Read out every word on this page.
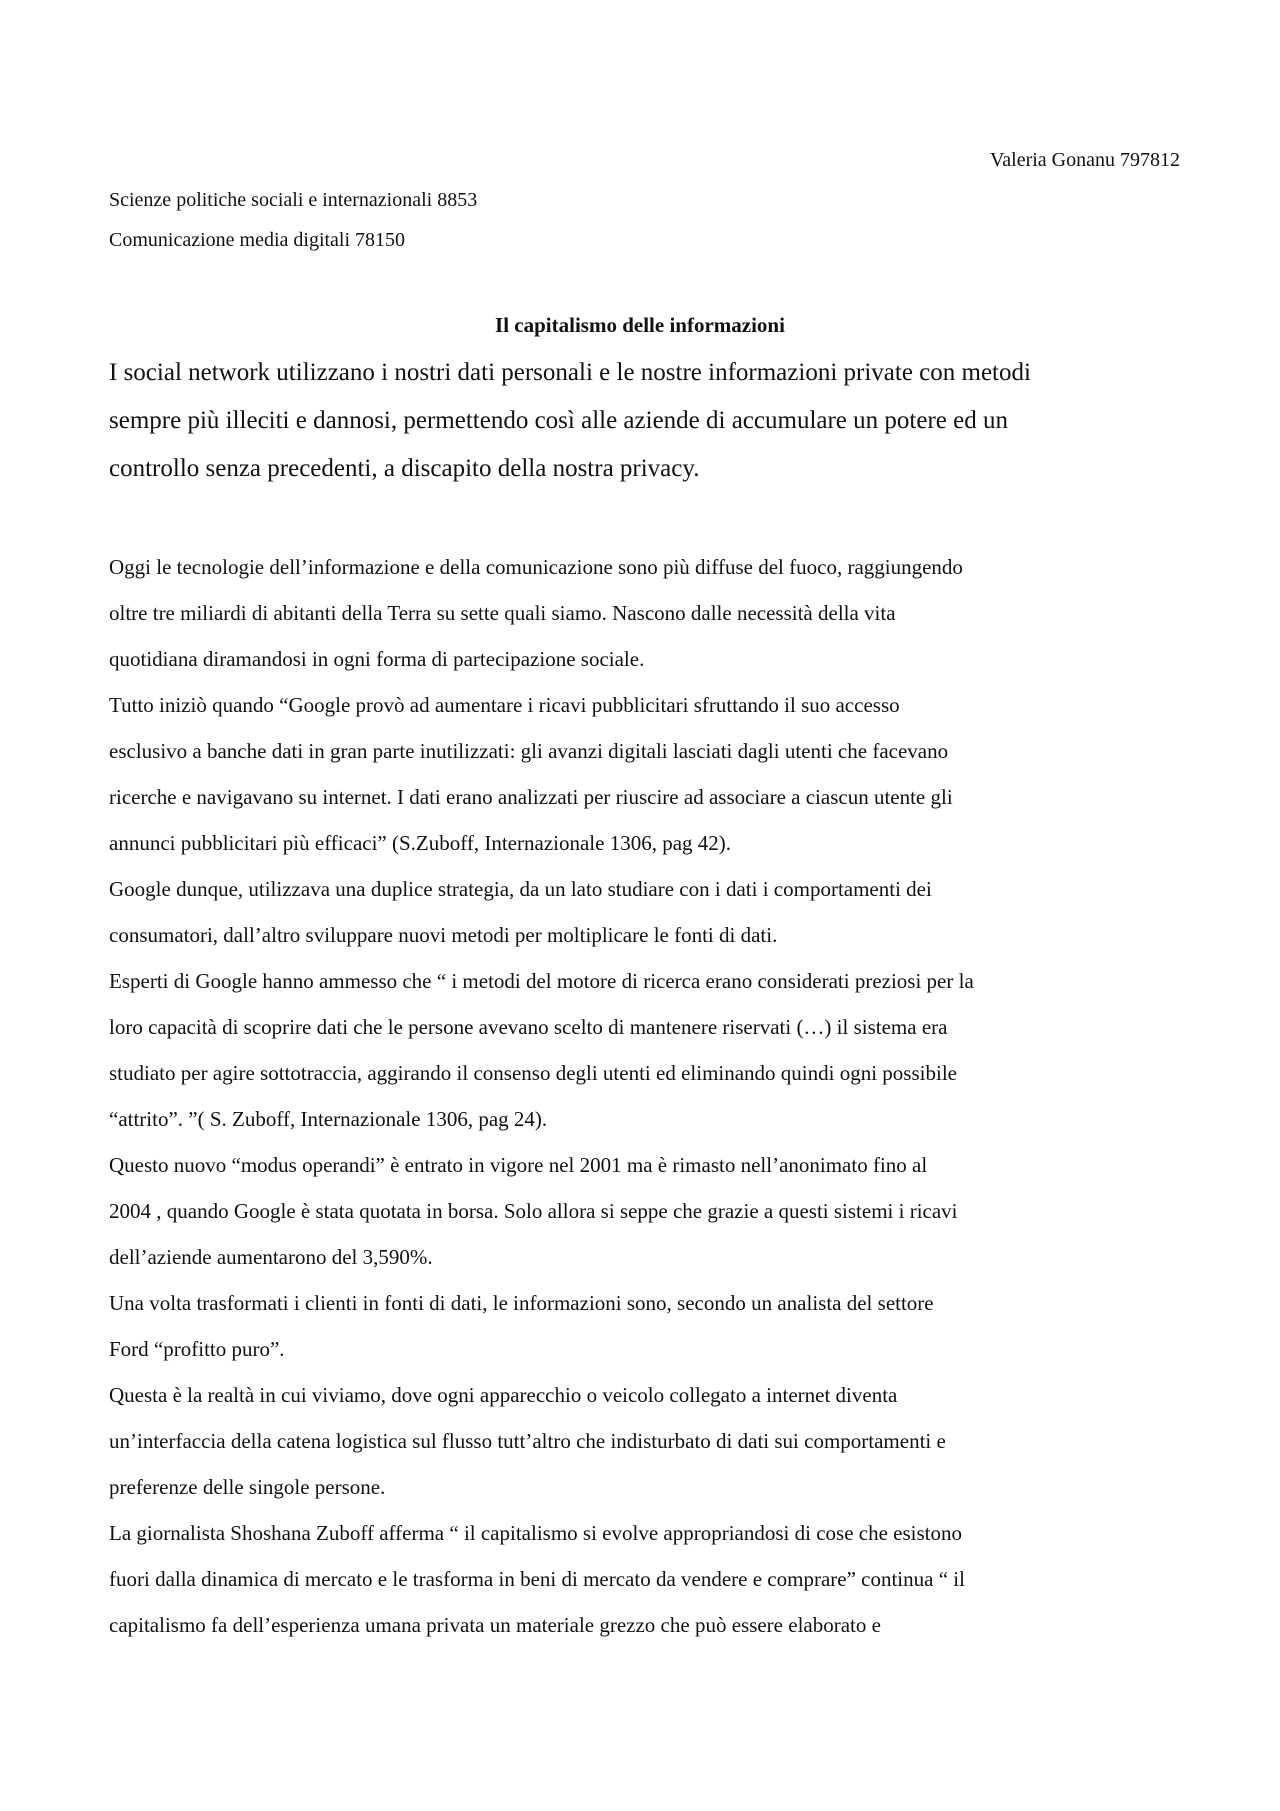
Valeria Gonanu 797812
Scienze politiche sociali e internazionali 8853
Comunicazione media digitali 78150
Il capitalismo delle informazioni
I social network utilizzano i nostri dati personali e le nostre informazioni private con metodi
sempre più illeciti e dannosi, permettendo così alle aziende di accumulare un potere ed un
controllo senza precedenti, a discapito della nostra privacy.
Oggi le tecnologie dell’informazione e della comunicazione sono più diffuse del fuoco, raggiungendo
oltre tre miliardi di abitanti della Terra su sette quali siamo. Nascono dalle necessità della vita
quotidiana diramandosi in ogni forma di partecipazione sociale.
Tutto iniziò quando “Google provò ad aumentare i ricavi pubblicitari sfruttando il suo accesso
esclusivo a banche dati in gran parte inutilizzati: gli avanzi digitali lasciati dagli utenti che facevano
ricerche e navigavano su internet. I dati erano analizzati per riuscire ad associare a ciascun utente gli
annunci pubblicitari più efficaci” (S.Zuboff, Internazionale 1306, pag 42).
Google dunque, utilizzava una duplice strategia, da un lato studiare con i dati i comportamenti dei
consumatori, dall’altro sviluppare nuovi metodi per moltiplicare le fonti di dati.
Esperti di Google hanno ammesso che “ i metodi del motore di ricerca erano considerati preziosi per la
loro capacità di scoprire dati che le persone avevano scelto di mantenere riservati (…) il sistema era
studiato per agire sottotraccia, aggirando il consenso degli utenti ed eliminando quindi ogni possibile
“attrito”. ”( S. Zuboff, Internazionale 1306, pag 24).
Questo nuovo “modus operandi” è entrato in vigore nel 2001 ma è rimasto nell’anonimato fino al
2004 , quando Google è stata quotata in borsa. Solo allora si seppe che grazie a questi sistemi i ricavi
dell’aziende aumentarono del 3,590%.
Una volta trasformati i clienti in fonti di dati, le informazioni sono, secondo un analista del settore
Ford “profitto puro”.
Questa è la realtà in cui viviamo, dove ogni apparecchio o veicolo collegato a internet diventa
un’interfaccia della catena logistica sul flusso tutt’altro che indisturbato di dati sui comportamenti e
preferenze delle singole persone.
La giornalista Shoshana Zuboff afferma “ il capitalismo si evolve appropriandosi di cose che esistono
fuori dalla dinamica di mercato e le trasforma in beni di mercato da vendere e comprare” continua “ il
capitalismo fa dell’esperienza umana privata un materiale grezzo che può essere elaborato e
